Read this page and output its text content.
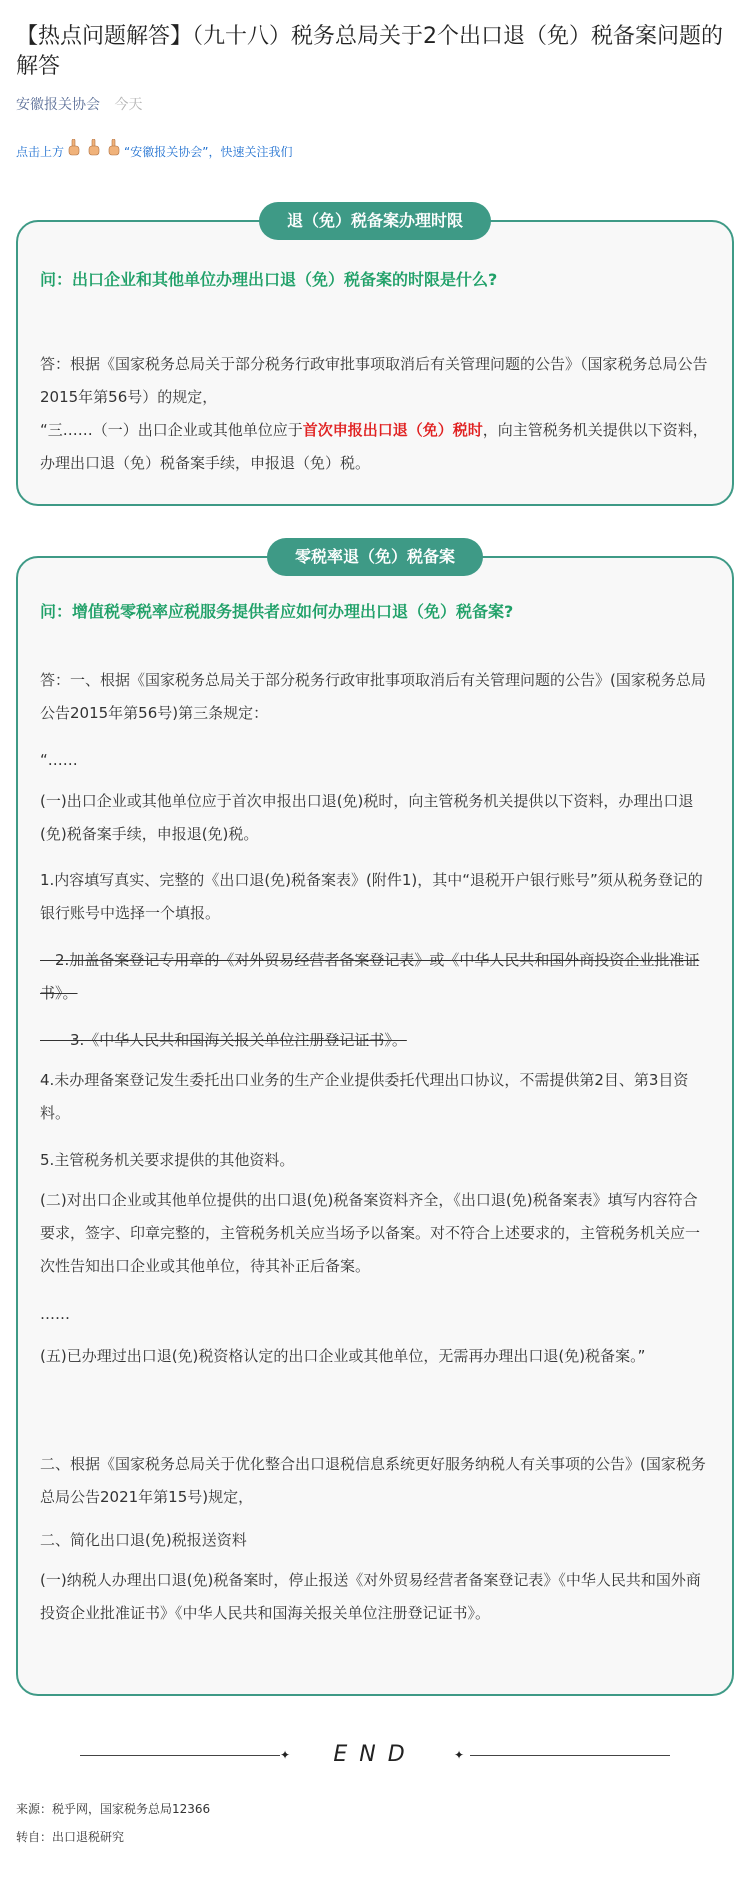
【热点问题解答】（九十八）税务总局关于2个出口退（免）税备案问题的解答
安徽报关协会 今天
点击上方	“安徽报关协会”，快速关注我们
退（免）税备案办理时限
问：出口企业和其他单位办理出口退（免）税备案的时限是什么?
答：根据《国家税务总局关于部分税务行政审批事项取消后有关管理问题的公告》（国家税务总局公告2015年第56号）的规定，
“三……（一）出口企业或其他单位应于首次申报出口退（免）税时，向主管税务机关提供以下资料，办理出口退（免）税备案手续，申报退（免）税。
零税率退（免）税备案
问：增值税零税率应税服务提供者应如何办理出口退（免）税备案?
答：一、根据《国家税务总局关于部分税务行政审批事项取消后有关管理问题的公告》(国家税务总局公告2015年第56号)第三条规定：
“……
(一)出口企业或其他单位应于首次申报出口退(免)税时，向主管税务机关提供以下资料，办理出口退(免)税备案手续，申报退(免)税。
1.内容填写真实、完整的《出口退(免)税备案表》(附件1)，其中“退税开户银行账号”须从税务登记的银行账号中选择一个填报。
　2.加盖备案登记专用章的《对外贸易经营者备案登记表》或《中华人民共和国外商投资企业批准证书》。
　　3.《中华人民共和国海关报关单位注册登记证书》。
4.未办理备案登记发生委托出口业务的生产企业提供委托代理出口协议，不需提供第2目、第3目资料。
5.主管税务机关要求提供的其他资料。
(二)对出口企业或其他单位提供的出口退(免)税备案资料齐全，《出口退(免)税备案表》填写内容符合要求，签字、印章完整的，主管税务机关应当场予以备案。对不符合上述要求的，主管税务机关应一次性告知出口企业或其他单位，待其补正后备案。
……
(五)已办理过出口退(免)税资格认定的出口企业或其他单位，无需再办理出口退(免)税备案。”
二、根据《国家税务总局关于优化整合出口退税信息系统更好服务纳税人有关事项的公告》(国家税务总局公告2021年第15号)规定，
二、简化出口退(免)税报送资料
(一)纳税人办理出口退(免)税备案时，停止报送《对外贸易经营者备案登记表》《中华人民共和国外商投资企业批准证书》《中华人民共和国海关报关单位注册登记证书》。
✦	END	✦
来源：税乎网，国家税务总局12366
转自：出口退税研究
